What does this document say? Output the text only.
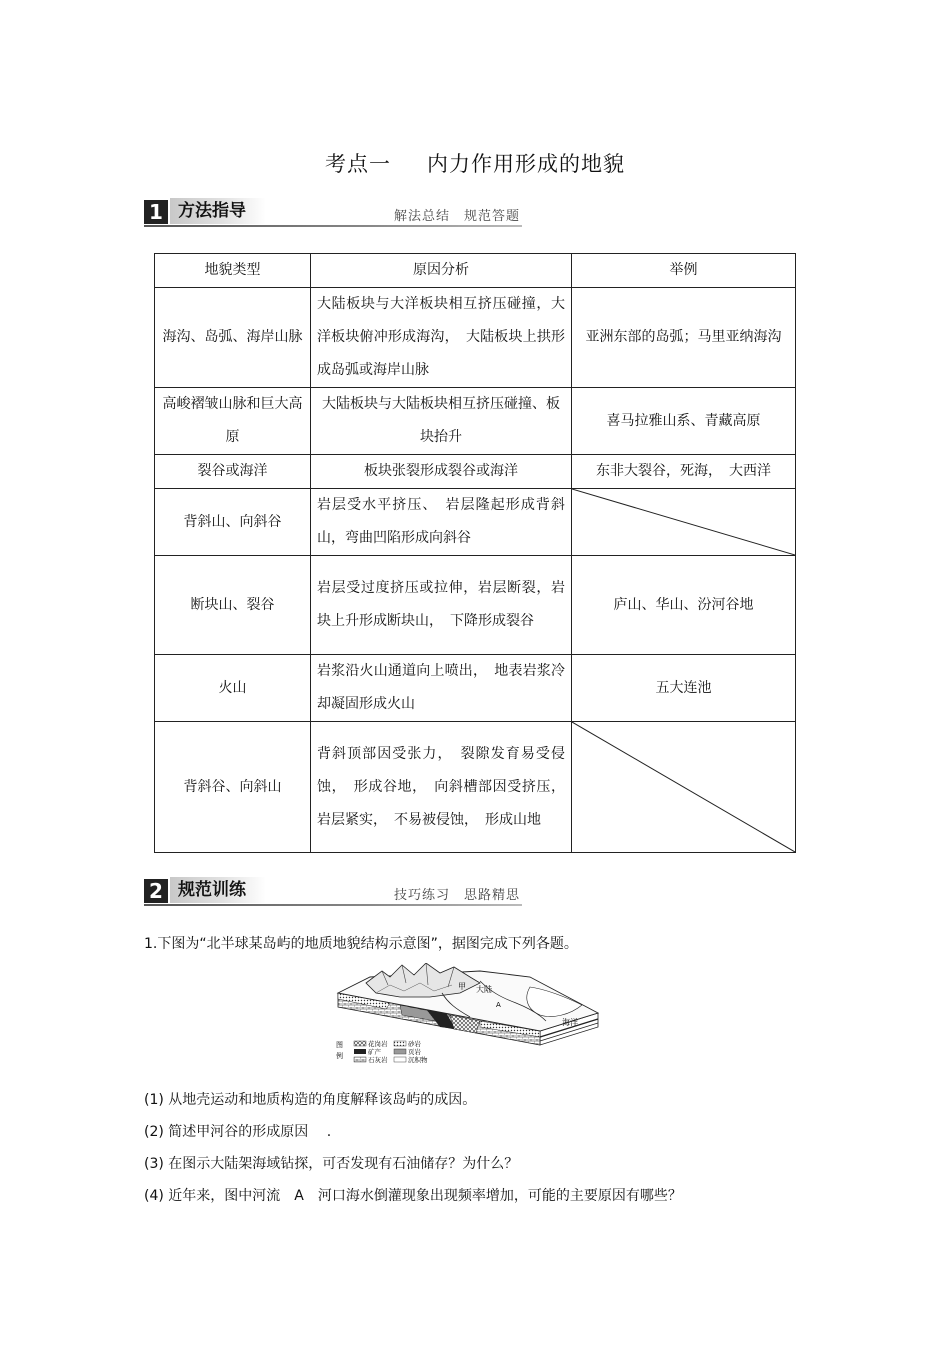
考点一 内力作用形成的地貌
1 方法指导	解法总结　规范答题
地貌类型	原因分析	举例
海沟、岛弧、海岸山脉	大陆板块与大洋板块相互挤压碰撞，大洋板块俯冲形成海沟，　大陆板块上拱形成岛弧或海岸山脉	亚洲东部的岛弧；马里亚纳海沟
高峻褶皱山脉和巨大高原	大陆板块与大陆板块相互挤压碰撞、板块抬升	喜马拉雅山系、青藏高原
裂谷或海洋	板块张裂形成裂谷或海洋	东非大裂谷，死海，　大西洋
背斜山、向斜谷	岩层受水平挤压、　岩层隆起形成背斜山，弯曲凹陷形成向斜谷	

断块山、裂谷	岩层受过度挤压或拉伸，岩层断裂，岩块上升形成断块山，　下降形成裂谷	庐山、华山、汾河谷地
火山	岩浆沿火山通道向上喷出，　地表岩浆冷却凝固形成火山	五大连池
背斜谷、向斜山	背斜顶部因受张力，　裂隙发育易受侵蚀，　形成谷地，　向斜槽部因受挤压，岩层紧实，　不易被侵蚀，　形成山地	
2 规范训练	技巧练习　思路精思
1.下图为“北半球某岛屿的地质地貌结构示意图”，据图完成下列各题。
甲 大陆
A
海洋
图
例
花岗岩
矿产
石灰岩
砂岩
页岩
沉积物
(1) 从地壳运动和地质构造的角度解释该岛屿的成因。
(2) 简述甲河谷的形成原因　 .
(3) 在图示大陆架海域钻探，可否发现有石油储存？为什么？
(4) 近年来，图中河流　A　河口海水倒灌现象出现频率增加，可能的主要原因有哪些？
